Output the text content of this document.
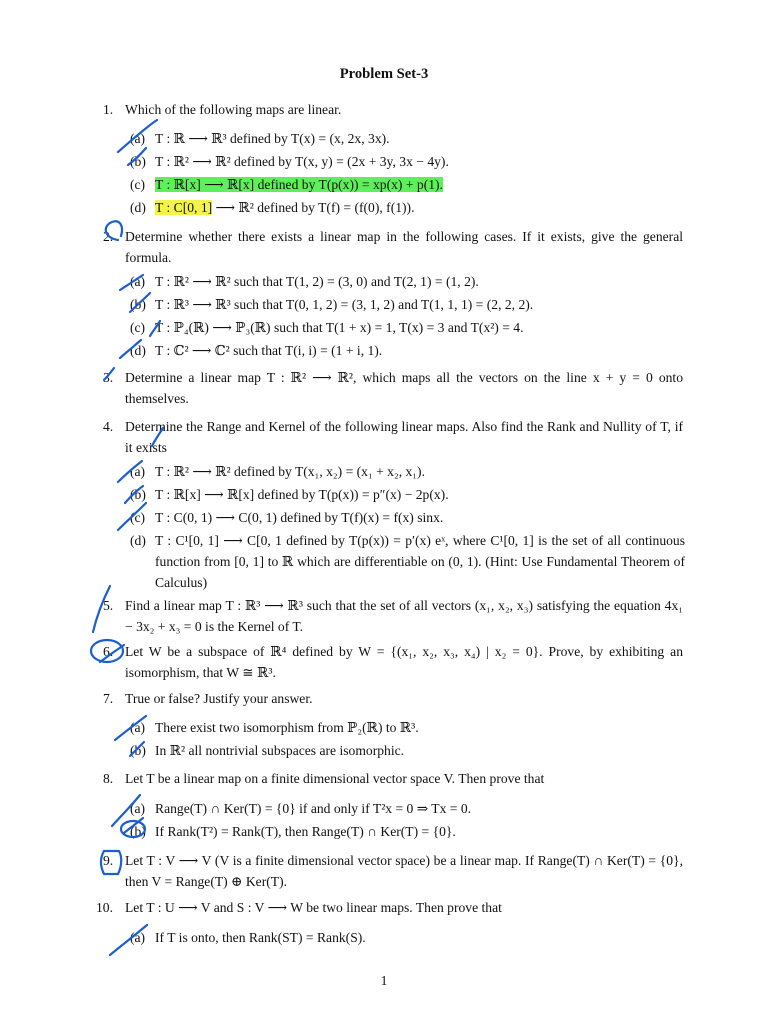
Problem Set-3
1. Which of the following maps are linear.
(a) T : ℝ ⟶ ℝ³ defined by T(x) = (x, 2x, 3x).
(b) T : ℝ² ⟶ ℝ² defined by T(x, y) = (2x + 3y, 3x − 4y).
(c) T : ℝ[x] ⟶ ℝ[x] defined by T(p(x)) = xp(x) + p(1).
(d) T : C[0, 1] ⟶ ℝ² defined by T(f) = (f(0), f(1)).
2. Determine whether there exists a linear map in the following cases. If it exists, give the general formula.
(a) T : ℝ² ⟶ ℝ² such that T(1, 2) = (3, 0) and T(2, 1) = (1, 2).
(b) T : ℝ³ ⟶ ℝ³ such that T(0, 1, 2) = (3, 1, 2) and T(1, 1, 1) = (2, 2, 2).
(c) T : ℙ₄(ℝ) ⟶ ℙ₃(ℝ) such that T(1 + x) = 1, T(x) = 3 and T(x²) = 4.
(d) T : ℂ² ⟶ ℂ² such that T(i, i) = (1 + i, 1).
3. Determine a linear map T : ℝ² ⟶ ℝ², which maps all the vectors on the line x + y = 0 onto themselves.
4. Determine the Range and Kernel of the following linear maps. Also find the Rank and Nullity of T, if it exists
(a) T : ℝ² ⟶ ℝ² defined by T(x₁, x₂) = (x₁ + x₂, x₁).
(b) T : ℝ[x] ⟶ ℝ[x] defined by T(p(x)) = p″(x) − 2p(x).
(c) T : C(0, 1) ⟶ C(0, 1) defined by T(f)(x) = f(x) sinx.
(d) T : C¹[0, 1] ⟶ C[0, 1 defined by T(p(x)) = p′(x) eˣ, where C¹[0, 1] is the set of all continuous function from [0, 1] to ℝ which are differentiable on (0, 1). (Hint: Use Fundamental Theorem of Calculus)
5. Find a linear map T : ℝ³ ⟶ ℝ³ such that the set of all vectors (x₁, x₂, x₃) satisfying the equation 4x₁ − 3x₂ + x₃ = 0 is the Kernel of T.
6. Let W be a subspace of ℝ⁴ defined by W = {(x₁, x₂, x₃, x₄) | x₂ = 0}. Prove, by exhibiting an isomorphism, that W ≅ ℝ³.
7. True or false? Justify your answer.
(a) There exist two isomorphism from ℙ₂(ℝ) to ℝ³.
(b) In ℝ² all nontrivial subspaces are isomorphic.
8. Let T be a linear map on a finite dimensional vector space V. Then prove that
(a) Range(T) ∩ Ker(T) = {0} if and only if T²x = 0 ⇒ Tx = 0.
(b) If Rank(T²) = Rank(T), then Range(T) ∩ Ker(T) = {0}.
9. Let T : V ⟶ V (V is a finite dimensional vector space) be a linear map. If Range(T) ∩ Ker(T) = {0}, then V = Range(T) ⊕ Ker(T).
10. Let T : U ⟶ V and S : V ⟶ W be two linear maps. Then prove that
(a) If T is onto, then Rank(ST) = Rank(S).
1
